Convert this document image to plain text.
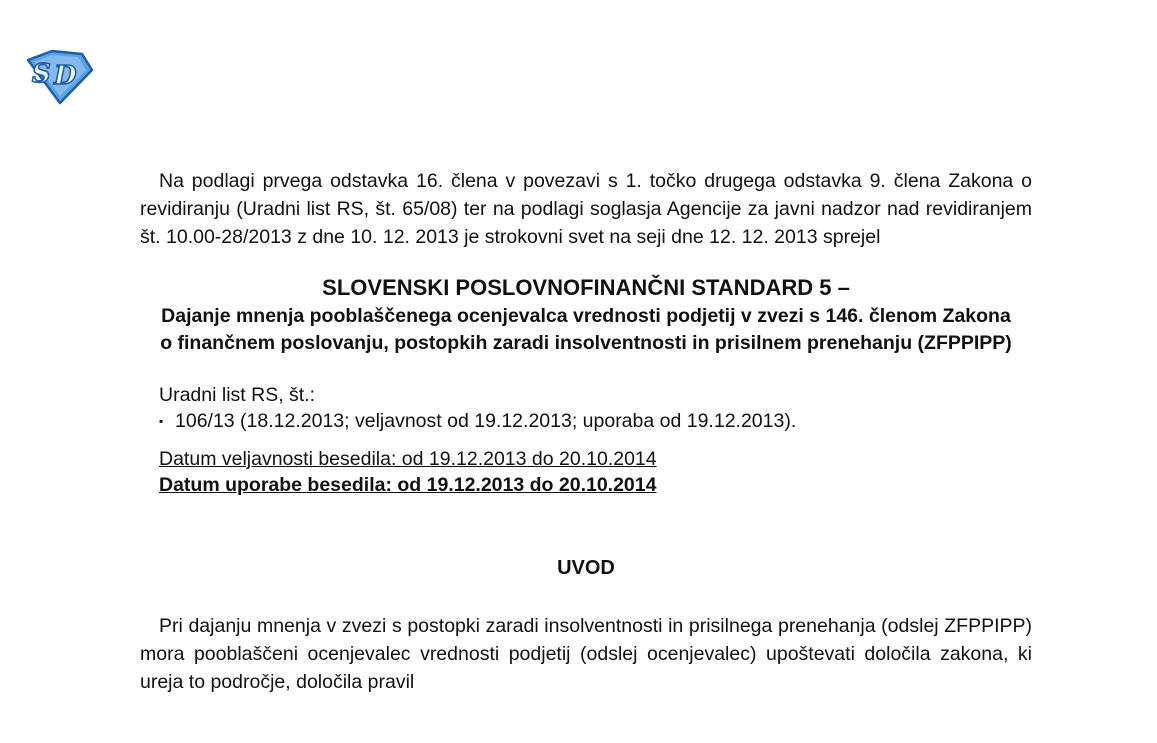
S D

Na podlagi prvega odstavka 16. člena v povezavi s 1. točko drugega odstavka 9. člena Zakona o revidiranju (Uradni list RS, št. 65/08) ter na podlagi soglasja Agencije za javni nadzor nad revidiranjem št. 10.00-28/2013 z dne 10. 12. 2013 je strokovni svet na seji dne 12. 12. 2013 sprejel

SLOVENSKI POSLOVNOFINANČNI STANDARD 5 –

Dajanje mnenja pooblaščenega ocenjevalca vrednosti podjetij v zvezi s 146. členom Zakona o finančnem poslovanju, postopkih zaradi insolventnosti in prisilnem prenehanju (ZFPPIPP)

Uradni list RS, št.:
▪ 106/13 (18.12.2013; veljavnost od 19.12.2013; uporaba od 19.12.2013).
Datum veljavnosti besedila: od 19.12.2013 do 20.10.2014
Datum uporabe besedila: od 19.12.2013 do 20.10.2014
UVOD

Pri dajanju mnenja v zvezi s postopki zaradi insolventnosti in prisilnega prenehanja (odslej ZFPPIPP) mora pooblaščeni ocenjevalec vrednosti podjetij (odslej ocenjevalec) upoštevati določila zakona, ki ureja to področje, določila pravil
